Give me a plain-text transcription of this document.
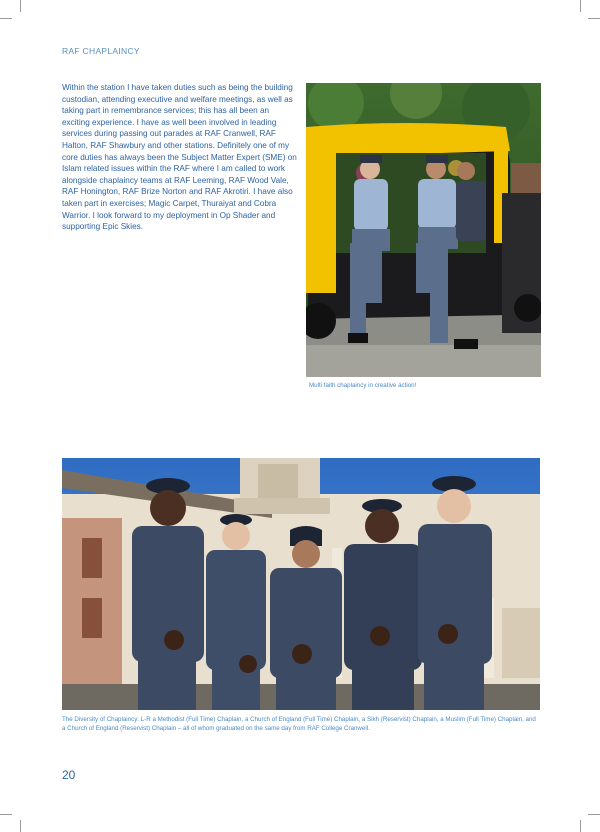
RAF CHAPLAINCY
Within the station I have taken duties such as being the building custodian, attending executive and welfare meetings, as well as taking part in remembrance services; this has all been an exciting experience. I have as well been involved in leading services during passing out parades at RAF Cranwell, RAF Halton, RAF Shawbury and other stations. Definitely one of my core duties has always been the Subject Matter Expert (SME) on Islam related issues within the RAF where I am called to work alongside chaplaincy teams at RAF Leeming, RAF Wood Vale, RAF Honington, RAF Brize Norton and RAF Akrotiri. I have also taken part in exercises; Magic Carpet, Thuraiyat and Cobra Warrior. I look forward to my deployment in Op Shader and supporting Epic Skies.
Multi faith chaplaincy in creative action!
The Diversity of Chaplaincy: L-R a Methodist (Full Time) Chaplain, a Church of England (Full Time) Chaplain, a Sikh (Reservist) Chaplain, a Muslim (Full Time) Chaplain, and a Church of England (Reservist) Chaplain – all of whom graduated on the same day from RAF College Cranwell.
20
